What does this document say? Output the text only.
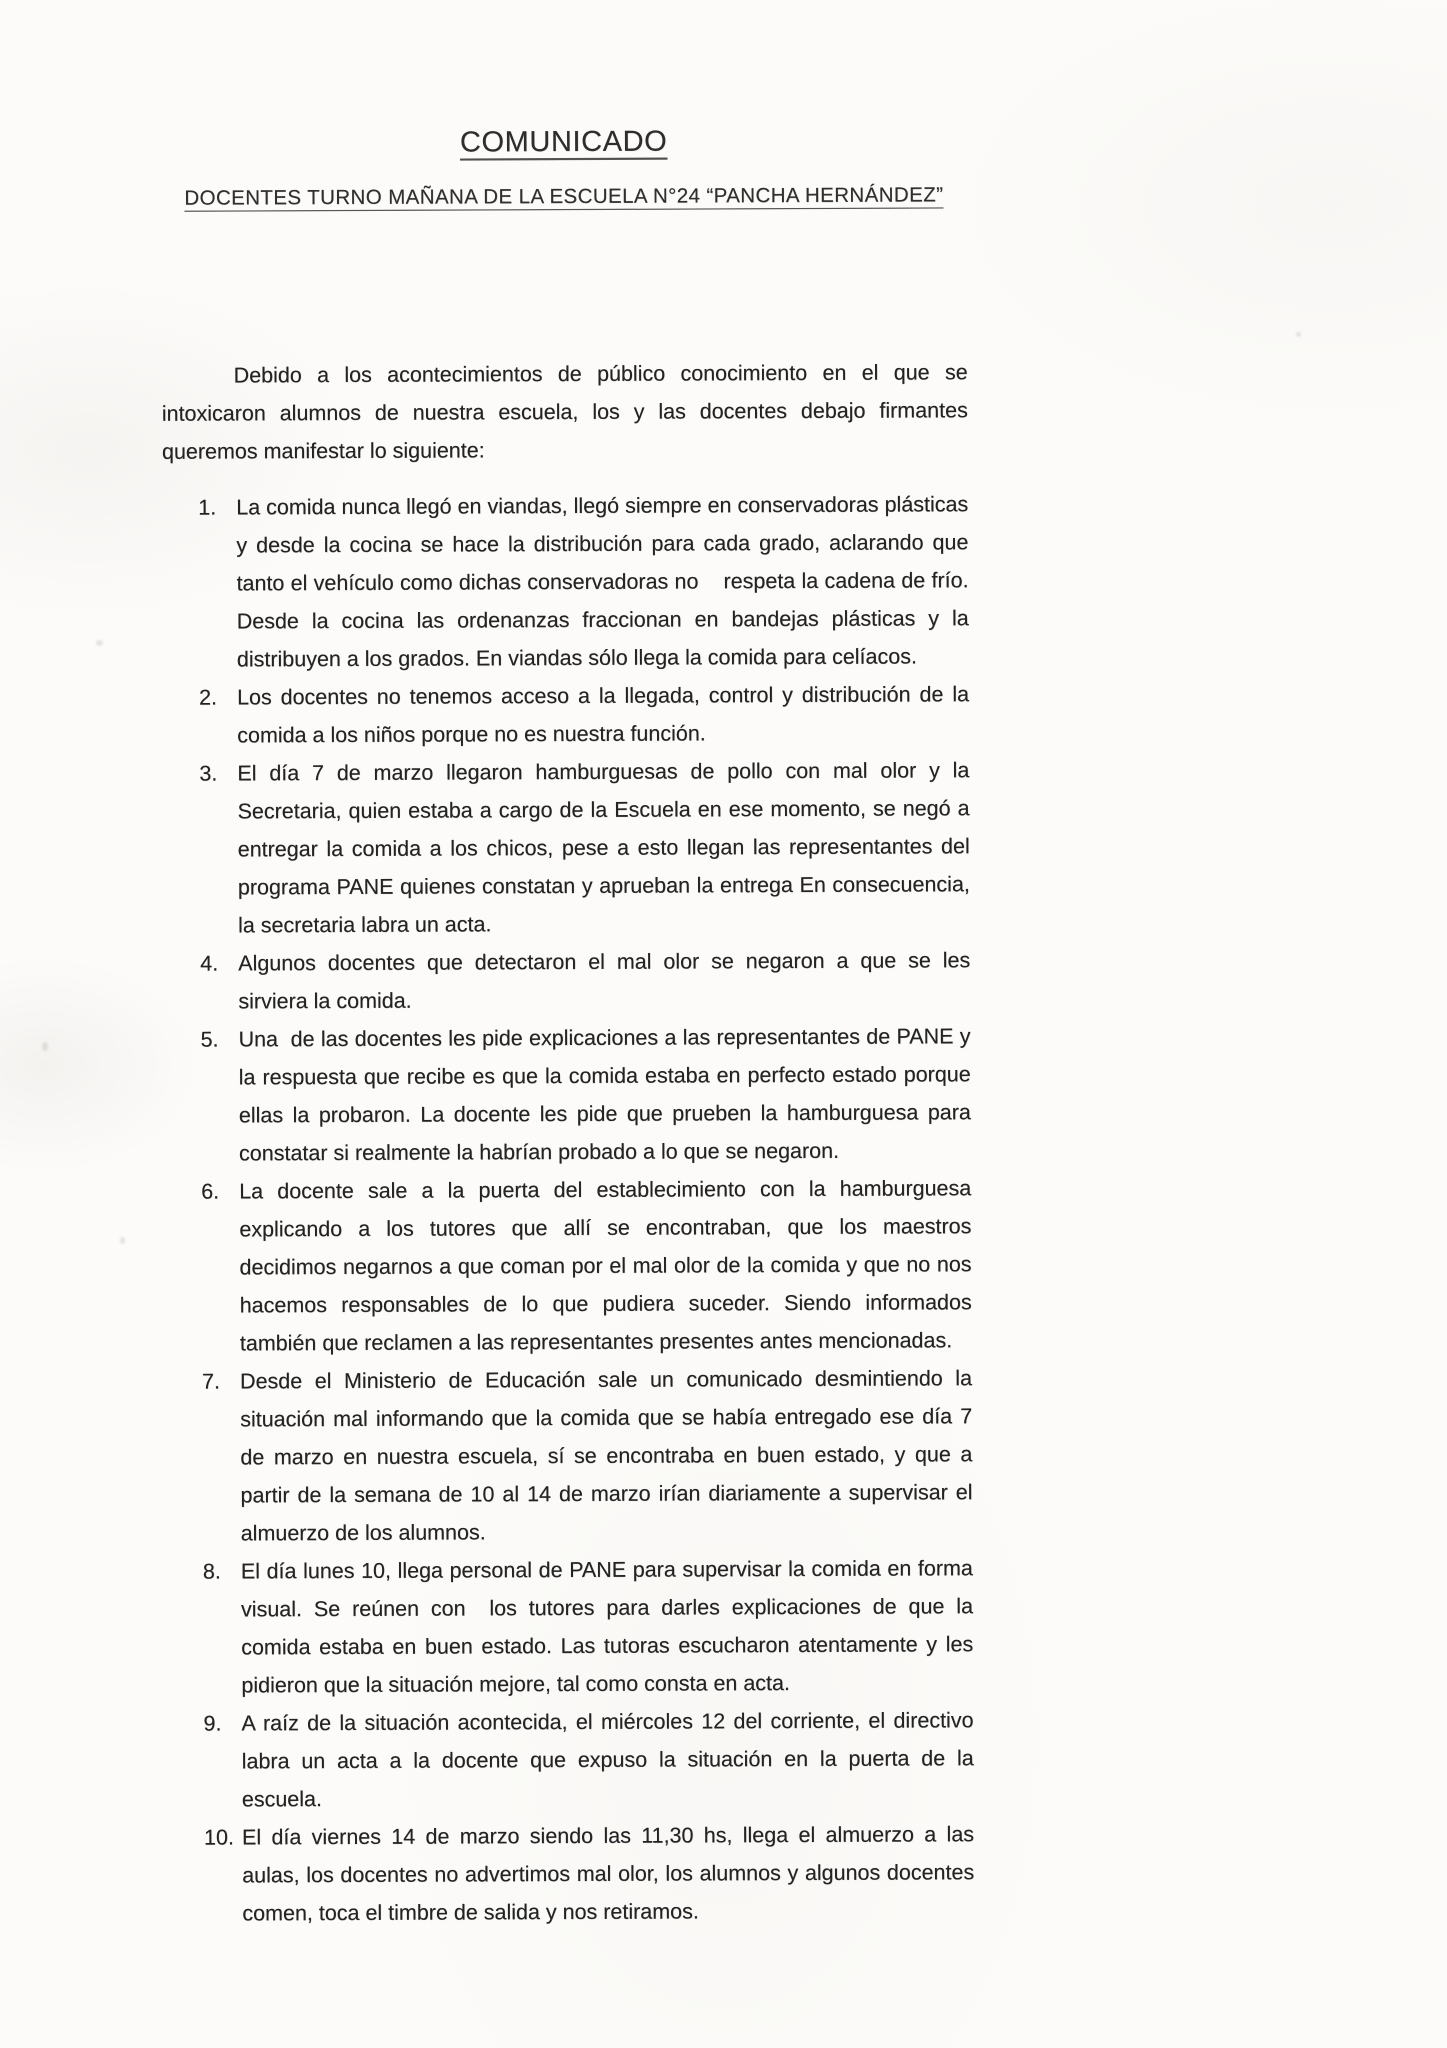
COMUNICADO
DOCENTES TURNO MAÑANA DE LA ESCUELA N°24 “PANCHA HERNÁNDEZ”

Debido a los acontecimientos de público conocimiento en el que se intoxicaron alumnos de nuestra escuela, los y las docentes debajo firmantes queremos manifestar lo siguiente:

1. La comida nunca llegó en viandas, llegó siempre en conservadoras plásticas y desde la cocina se hace la distribución para cada grado, aclarando que tanto el vehículo como dichas conservadoras no    respeta la cadena de frío. Desde la cocina las ordenanzas fraccionan en bandejas plásticas y la distribuyen a los grados. En viandas sólo llega la comida para celíacos.
2. Los docentes no tenemos acceso a la llegada, control y distribución de la comida a los niños porque no es nuestra función.
3. El día 7 de marzo llegaron hamburguesas de pollo con mal olor y la Secretaria, quien estaba a cargo de la Escuela en ese momento, se negó a entregar la comida a los chicos, pese a esto llegan las representantes del programa PANE quienes constatan y aprueban la entrega En consecuencia, la secretaria labra un acta.
4. Algunos docentes que detectaron el mal olor se negaron a que se les sirviera la comida.
5. Una  de las docentes les pide explicaciones a las representantes de PANE y la respuesta que recibe es que la comida estaba en perfecto estado porque ellas la probaron. La docente les pide que prueben la hamburguesa para constatar si realmente la habrían probado a lo que se negaron.
6. La docente sale a la puerta del establecimiento con la hamburguesa explicando a los tutores que allí se encontraban, que los maestros decidimos negarnos a que coman por el mal olor de la comida y que no nos hacemos responsables de lo que pudiera suceder. Siendo informados también que reclamen a las representantes presentes antes mencionadas.
7. Desde el Ministerio de Educación sale un comunicado desmintiendo la situación mal informando que la comida que se había entregado ese día 7 de marzo en nuestra escuela, sí se encontraba en buen estado, y que a partir de la semana de 10 al 14 de marzo irían diariamente a supervisar el almuerzo de los alumnos.
8. El día lunes 10, llega personal de PANE para supervisar la comida en forma visual. Se reúnen con  los tutores para darles explicaciones de que la comida estaba en buen estado. Las tutoras escucharon atentamente y les pidieron que la situación mejore, tal como consta en acta.
9. A raíz de la situación acontecida, el miércoles 12 del corriente, el directivo labra un acta a la docente que expuso la situación en la puerta de la escuela.
10. El día viernes 14 de marzo siendo las 11,30 hs, llega el almuerzo a las aulas, los docentes no advertimos mal olor, los alumnos y algunos docentes comen, toca el timbre de salida y nos retiramos.
